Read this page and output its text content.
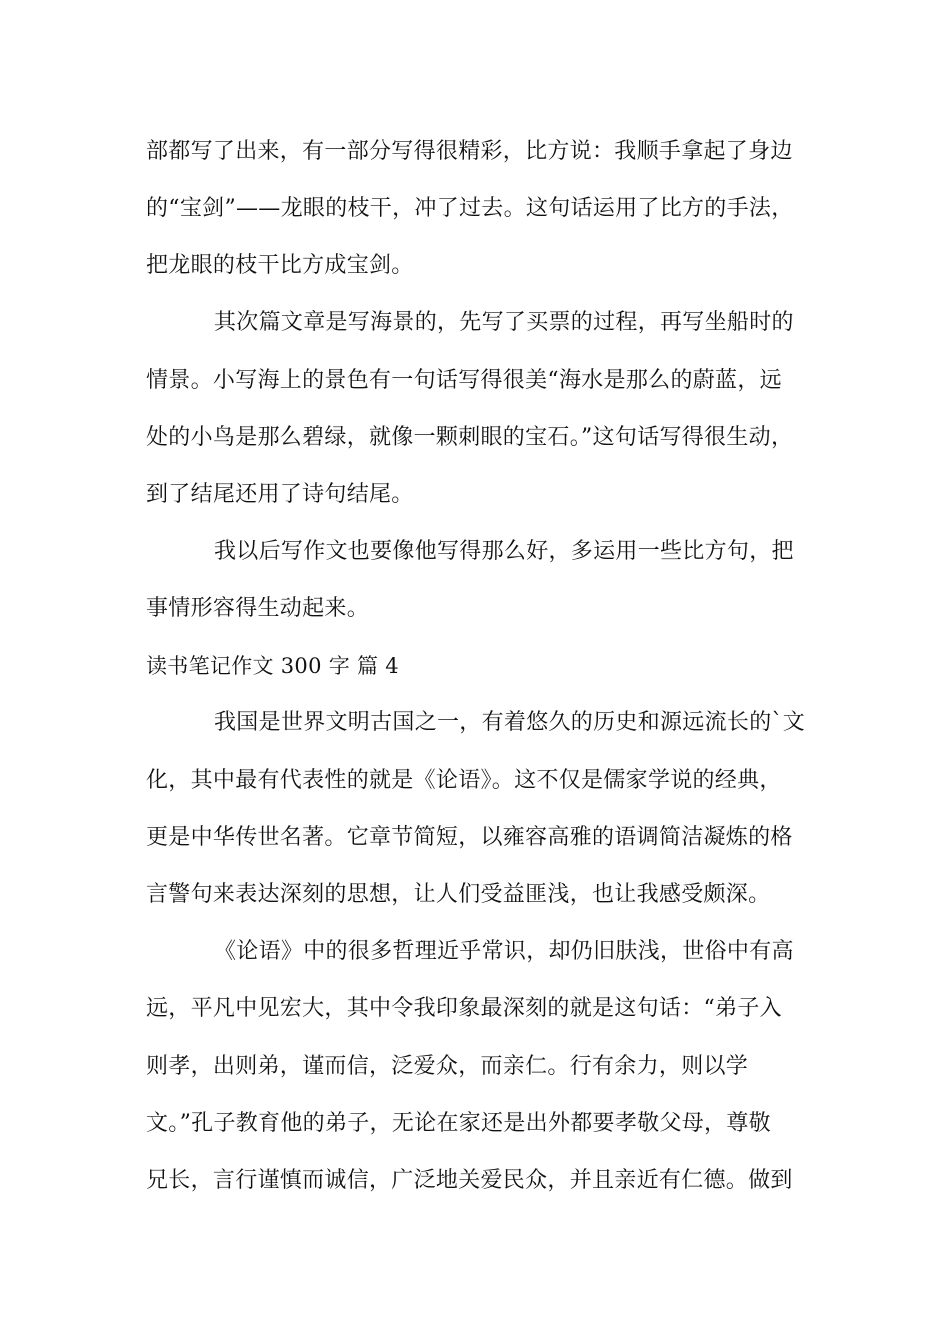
部都写了出来，有一部分写得很精彩，比方说：我顺手拿起了身边
的“宝剑”——龙眼的枝干，冲了过去。这句话运用了比方的手法，
把龙眼的枝干比方成宝剑。
其次篇文章是写海景的，先写了买票的过程，再写坐船时的
情景。小写海上的景色有一句话写得很美“海水是那么的蔚蓝，远
处的小鸟是那么碧绿，就像一颗刺眼的宝石。”这句话写得很生动，
到了结尾还用了诗句结尾。
我以后写作文也要像他写得那么好，多运用一些比方句，把
事情形容得生动起来。
读书笔记作文 300 字 篇 4
我国是世界文明古国之一，有着悠久的历史和源远流长的`文
化，其中最有代表性的就是《论语》。这不仅是儒家学说的经典，
更是中华传世名著。它章节简短，以雍容高雅的语调简洁凝炼的格
言警句来表达深刻的思想，让人们受益匪浅，也让我感受颇深。
《论语》中的很多哲理近乎常识，却仍旧肤浅，世俗中有高
远，平凡中见宏大，其中令我印象最深刻的就是这句话：“弟子入
则孝，出则弟，谨而信，泛爱众，而亲仁。行有余力，则以学
文。”孔子教育他的弟子，无论在家还是出外都要孝敬父母，尊敬
兄长，言行谨慎而诚信，广泛地关爱民众，并且亲近有仁德。做到
